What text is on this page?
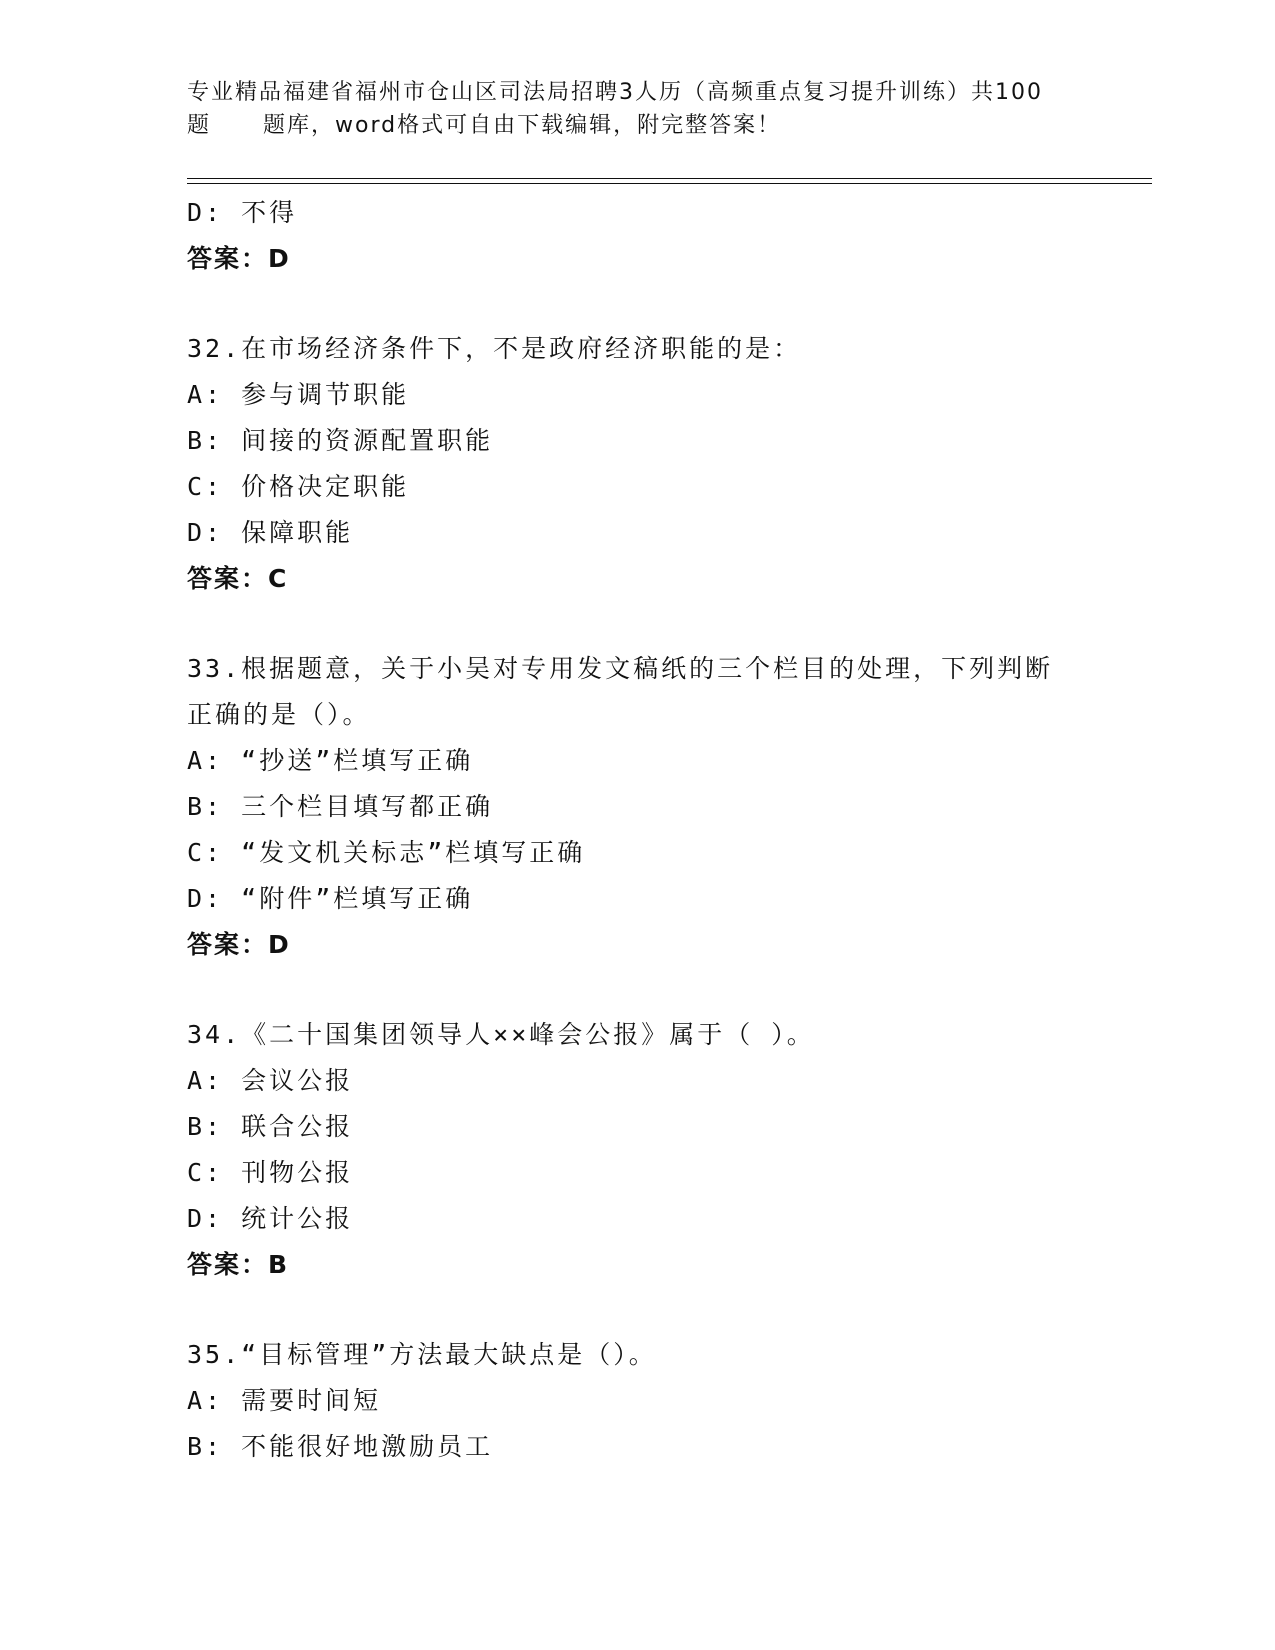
专业精品福建省福州市仓山区司法局招聘3人历（高频重点复习提升训练）共100
题 题库，word格式可自由下载编辑，附完整答案！
D: 不得
答案：D
32.在市场经济条件下，不是政府经济职能的是：
A: 参与调节职能
B: 间接的资源配置职能
C: 价格决定职能
D: 保障职能
答案：C
33.根据题意，关于小吴对专用发文稿纸的三个栏目的处理，下列判断
正确的是（）。
A: “抄送”栏填写正确
B: 三个栏目填写都正确
C: “发文机关标志”栏填写正确
D: “附件”栏填写正确
答案：D
34.《二十国集团领导人××峰会公报》属于（ ）。
A: 会议公报
B: 联合公报
C: 刊物公报
D: 统计公报
答案：B
35.“目标管理”方法最大缺点是（）。
A: 需要时间短
B: 不能很好地激励员工
